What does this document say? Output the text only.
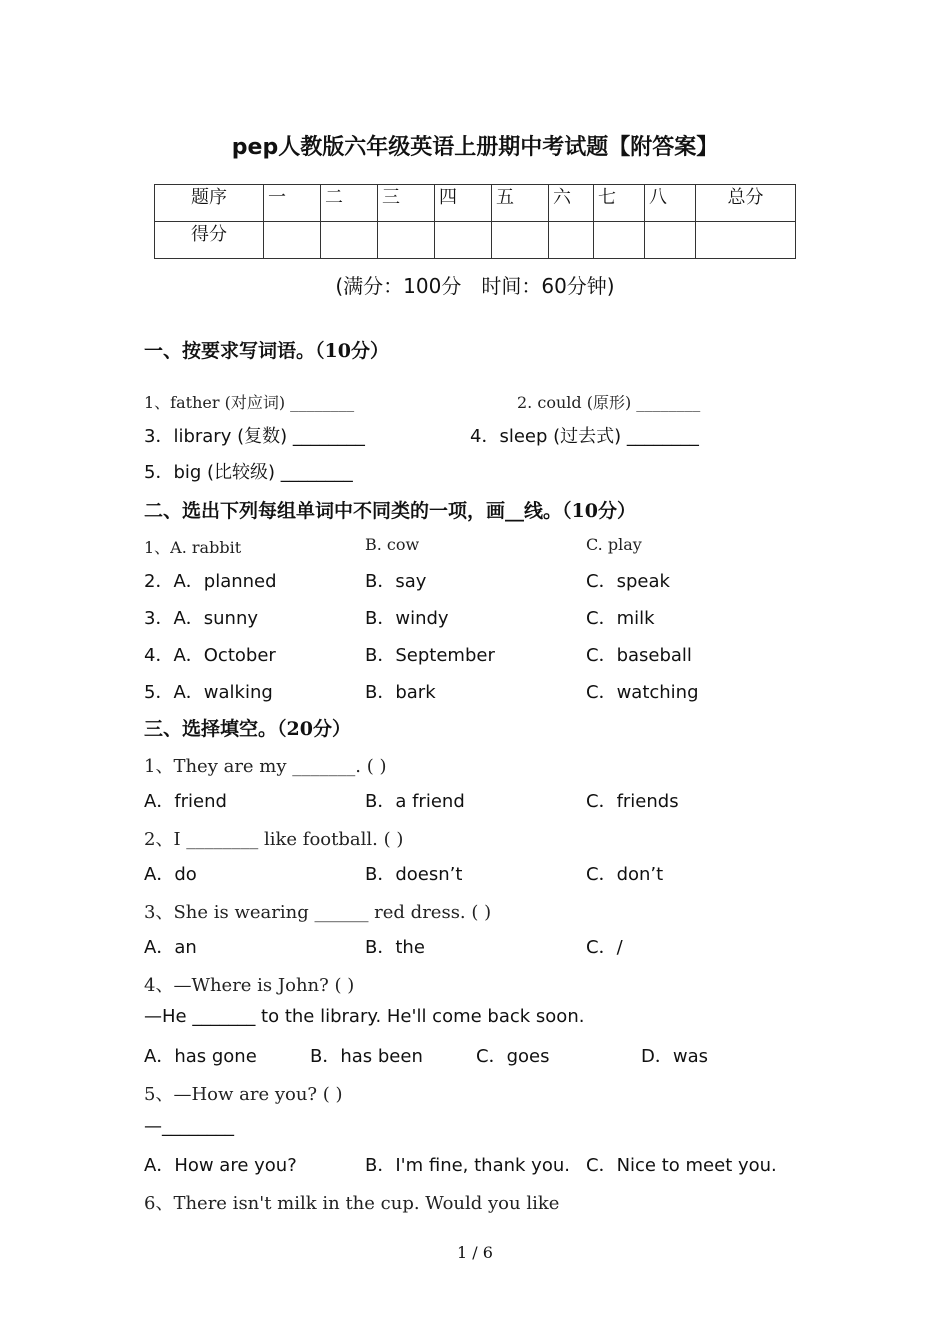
pep人教版六年级英语上册期中考试题【附答案】
题序	一	二	三	四	五	六	七	八	总分
得分									
(满分：100分　时间：60分钟)
一、按要求写词语。（10分）
1、father (对应词) ________	2. could (原形) ________
3．library (复数) ________	4．sleep (过去式) ________
5．big (比较级) ________
二、选出下列每组单词中不同类的一项，画__线。（10分）
1、A. rabbit	B. cow	C. play
2．A．planned	B．say	C．speak
3．A．sunny	B．windy	C．milk
4．A．October	B．September	C．baseball
5．A．walking	B．bark	C．watching
三、选择填空。（20分）
1、They are my _______. ( )
A．friend	B．a friend	C．friends
2、I ________ like football. ( )
A．do	B．doesn’t	C．don’t
3、She is wearing ______ red dress. ( )
A．an	B．the	C．/
4、—Where is John? ( )
—He _______ to the library. He'll come back soon.
A．has gone	B．has been	C．goes	D．was
5、—How are you? ( )
—________
A．How are you?	B．I'm fine, thank you. C．Nice to meet you.
6、There isn't milk in the cup. Would you like
1 / 6
